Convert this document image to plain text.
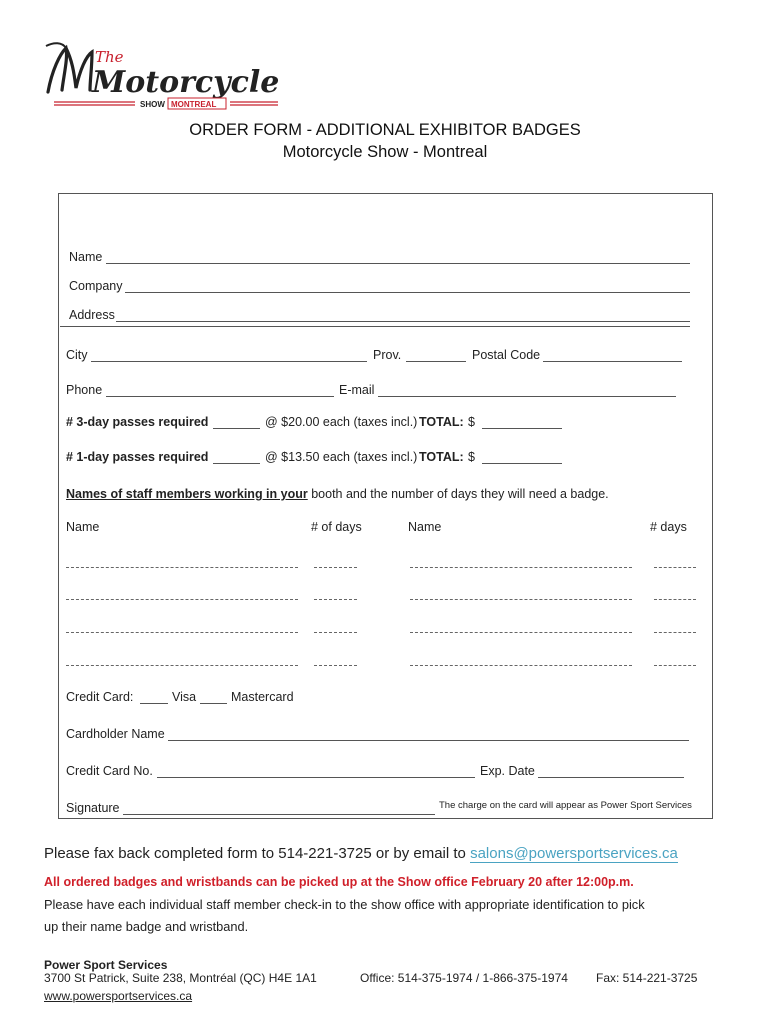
The
Motorcycle
SHOW MONTREAL
ORDER FORM - ADDITIONAL EXHIBITOR BADGES
Motorcycle Show - Montreal
Name
Company
Address
City	Prov.	Postal Code
Phone	E-mail
# 3-day passes required	@ $20.00 each (taxes incl.) TOTAL: $
# 1-day passes required	@ $13.50 each (taxes incl.) TOTAL: $
Names of staff members working in your booth and the number of days they will need a badge.
Name	# of days	Name	# days
Credit Card:	Visa	Mastercard
Cardholder Name
Credit Card No.	Exp. Date
Signature	The charge on the card will appear as Power Sport Services
Please fax back completed form to 514-221-3725 or by email to salons@powersportservices.ca
All ordered badges and wristbands can be picked up at the Show office February 20 after 12:00p.m.
Please have each individual staff member check-in to the show office with appropriate identification to pick
up their name badge and wristband.
Power Sport Services
3700 St Patrick, Suite 238, Montréal (QC) H4E 1A1	Office: 514-375-1974 / 1-866-375-1974 Fax: 514-221-3725
www.powersportservices.ca
